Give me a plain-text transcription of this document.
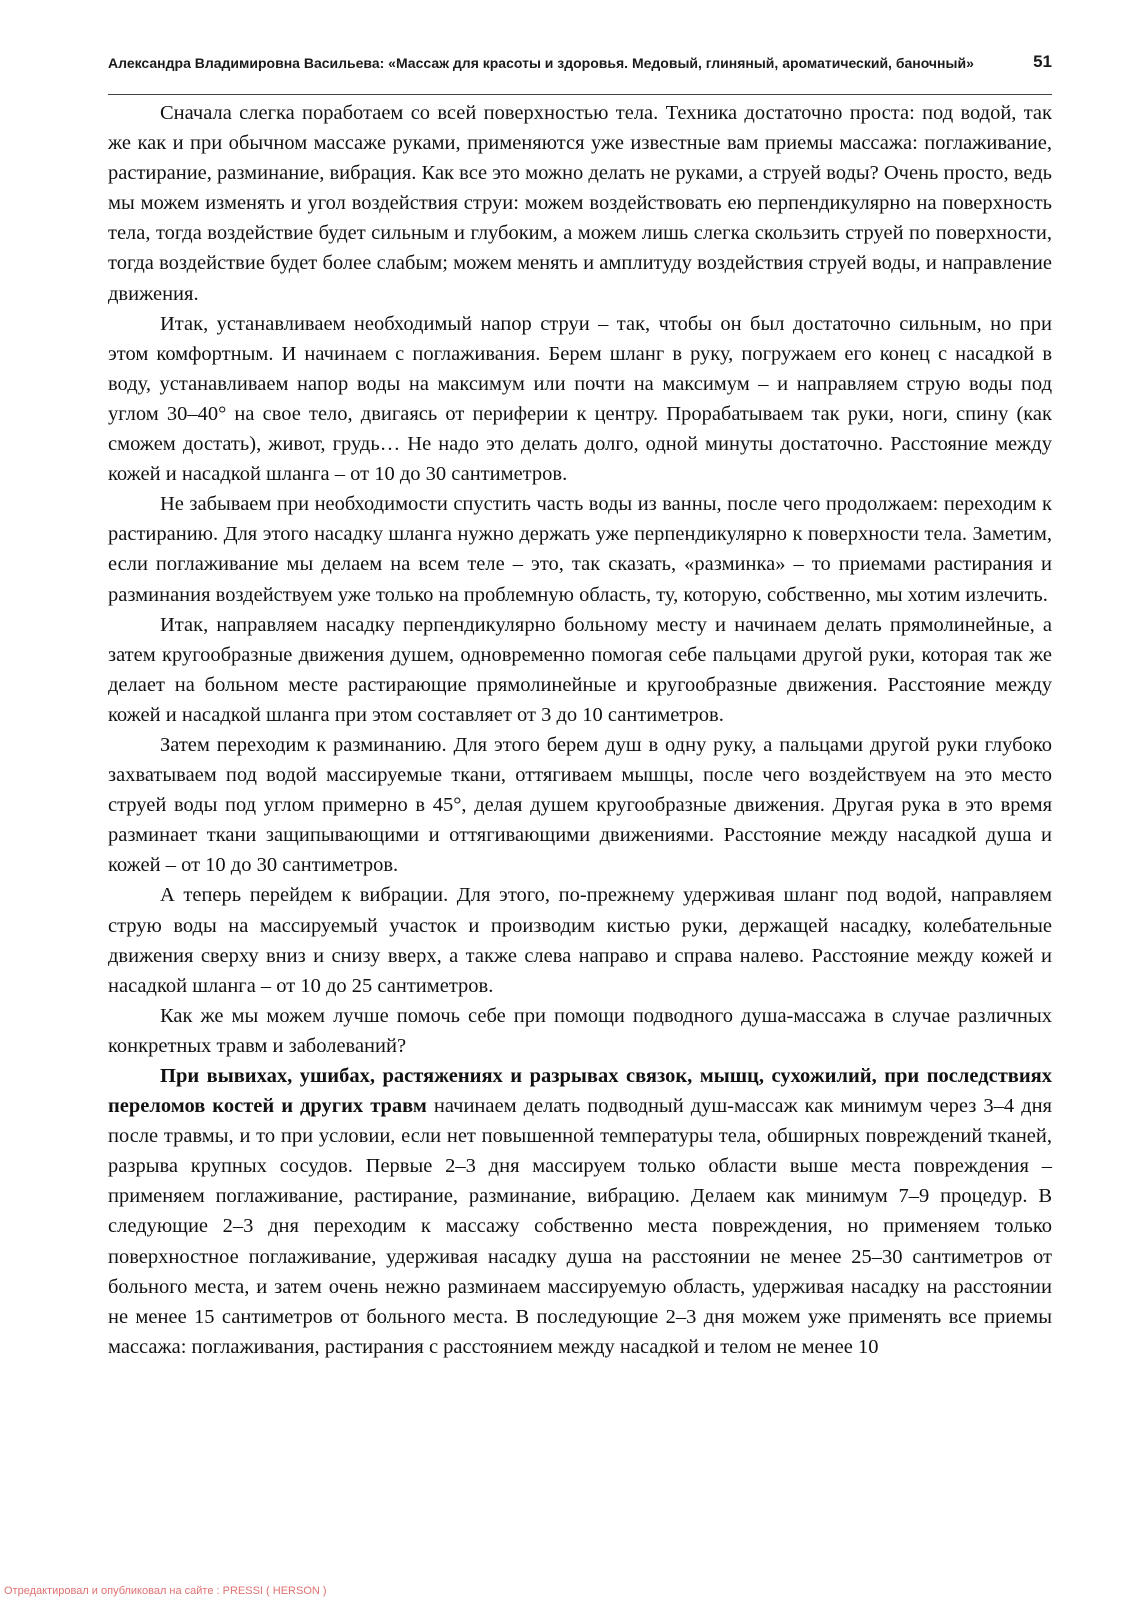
Александра Владимировна Васильева: «Массаж для красоты и здоровья. Медовый, глиняный, ароматический, баночный»	51

Сначала слегка поработаем со всей поверхностью тела. Техника достаточно проста: под водой, так же как и при обычном массаже руками, применяются уже известные вам приемы массажа: поглаживание, растирание, разминание, вибрация. Как все это можно делать не руками, а струей воды? Очень просто, ведь мы можем изменять и угол воздействия струи: можем воздействовать ею перпендикулярно на поверхность тела, тогда воздействие будет сильным и глубоким, а можем лишь слегка скользить струей по поверхности, тогда воздействие будет более слабым; можем менять и амплитуду воздействия струей воды, и направление движения.

Итак, устанавливаем необходимый напор струи – так, чтобы он был достаточно сильным, но при этом комфортным. И начинаем с поглаживания. Берем шланг в руку, погружаем его конец с насадкой в воду, устанавливаем напор воды на максимум или почти на максимум – и направляем струю воды под углом 30–40° на свое тело, двигаясь от периферии к центру. Прорабатываем так руки, ноги, спину (как сможем достать), живот, грудь… Не надо это делать долго, одной минуты достаточно. Расстояние между кожей и насадкой шланга – от 10 до 30 сантиметров.

Не забываем при необходимости спустить часть воды из ванны, после чего продолжаем: переходим к растиранию. Для этого насадку шланга нужно держать уже перпендикулярно к поверхности тела. Заметим, если поглаживание мы делаем на всем теле – это, так сказать, «разминка» – то приемами растирания и разминания воздействуем уже только на проблемную область, ту, которую, собственно, мы хотим излечить.

Итак, направляем насадку перпендикулярно больному месту и начинаем делать прямолинейные, а затем кругообразные движения душем, одновременно помогая себе пальцами другой руки, которая так же делает на больном месте растирающие прямолинейные и кругообразные движения. Расстояние между кожей и насадкой шланга при этом составляет от 3 до 10 сантиметров.

Затем переходим к разминанию. Для этого берем душ в одну руку, а пальцами другой руки глубоко захватываем под водой массируемые ткани, оттягиваем мышцы, после чего воздействуем на это место струей воды под углом примерно в 45°, делая душем кругообразные движения. Другая рука в это время разминает ткани защипывающими и оттягивающими движениями. Расстояние между насадкой душа и кожей – от 10 до 30 сантиметров.

А теперь перейдем к вибрации. Для этого, по-прежнему удерживая шланг под водой, направляем струю воды на массируемый участок и производим кистью руки, держащей насадку, колебательные движения сверху вниз и снизу вверх, а также слева направо и справа налево. Расстояние между кожей и насадкой шланга – от 10 до 25 сантиметров.

Как же мы можем лучше помочь себе при помощи подводного душа-массажа в случае различных конкретных травм и заболеваний?

При вывихах, ушибах, растяжениях и разрывах связок, мышц, сухожилий, при последствиях переломов костей и других травм начинаем делать подводный душ-массаж как минимум через 3–4 дня после травмы, и то при условии, если нет повышенной температуры тела, обширных повреждений тканей, разрыва крупных сосудов. Первые 2–3 дня массируем только области выше места повреждения – применяем поглаживание, растирание, разминание, вибрацию. Делаем как минимум 7–9 процедур. В следующие 2–3 дня переходим к массажу собственно места повреждения, но применяем только поверхностное поглаживание, удерживая насадку душа на расстоянии не менее 25–30 сантиметров от больного места, и затем очень нежно разминаем массируемую область, удерживая насадку на расстоянии не менее 15 сантиметров от больного места. В последующие 2–3 дня можем уже применять все приемы массажа: поглаживания, растирания с расстоянием между насадкой и телом не менее 10

Отредактировал и опубликовал на сайте : PRESSI ( HERSON )
